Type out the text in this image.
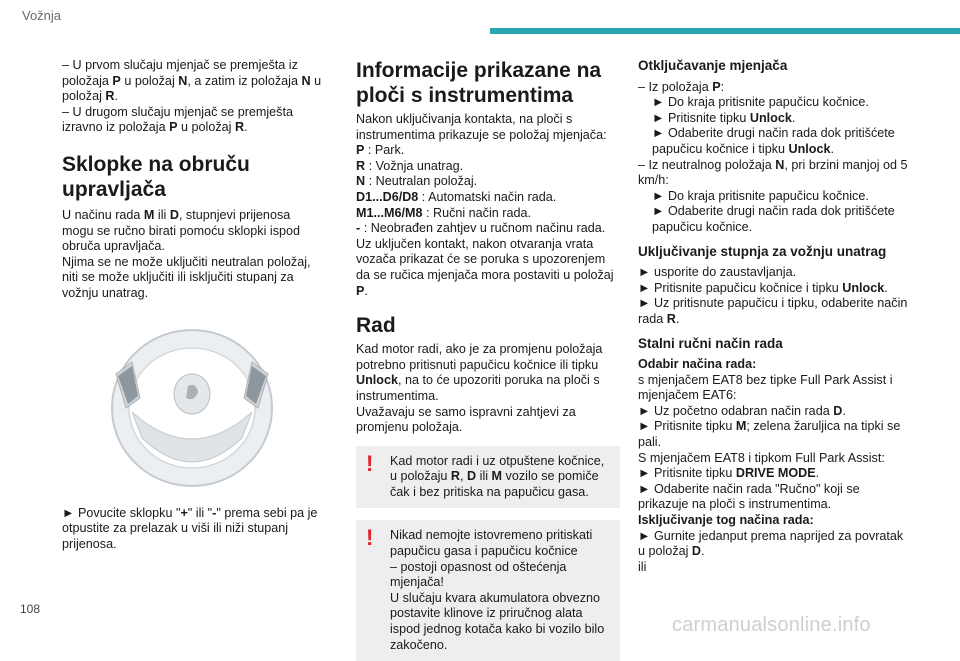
Vožnja

– U prvom slučaju mjenjač se premješta iz položaja P u položaj N, a zatim iz položaja N u položaj R.

– U drugom slučaju mjenjač se premješta izravno iz položaja P u položaj R.

Sklopke na obruču upravljača

U načinu rada M ili D, stupnjevi prijenosa mogu se ručno birati pomoću sklopki ispod obruča upravljača.

Njima se ne može uključiti neutralan položaj, niti se može uključiti ili isključiti stupanj za vožnju unatrag.

► Povucite sklopku "+" ili "-" prema sebi pa je otpustite za prelazak u viši ili niži stupanj prijenosa.

Informacije prikazane na ploči s instrumentima

Nakon uključivanja kontakta, na ploči s instrumentima prikazuje se položaj mjenjača:

P : Park.

R : Vožnja unatrag.

N : Neutralan položaj.

D1...D6/D8 : Automatski način rada.

M1...M6/M8 : Ručni način rada.

- : Neobrađen zahtjev u ručnom načinu rada.

Uz uključen kontakt, nakon otvaranja vrata vozača prikazat će se poruka s upozorenjem da se ručica mjenjača mora postaviti u položaj P.

Rad

Kad motor radi, ako je za promjenu položaja potrebno pritisnuti papučicu kočnice ili tipku Unlock, na to će upozoriti poruka na ploči s instrumentima.

Uvažavaju se samo ispravni zahtjevi za promjenu položaja.

! Kad motor radi i uz otpuštene kočnice, u položaju R, D ili M vozilo se pomiče čak i bez pritiska na papučicu gasa.

! Nikad nemojte istovremeno pritiskati papučicu gasa i papučicu kočnice

– postoji opasnost od oštećenja mjenjača!

U slučaju kvara akumulatora obvezno postavite klinove iz priručnog alata ispod jednog kotača kako bi vozilo bilo zakočeno.

Otključavanje mjenjača

– Iz položaja P:

► Do kraja pritisnite papučicu kočnice.

► Pritisnite tipku Unlock.

► Odaberite drugi način rada dok pritišćete papučicu kočnice i tipku Unlock.

– Iz neutralnog položaja N, pri brzini manjoj od 5 km/h:

► Do kraja pritisnite papučicu kočnice.

► Odaberite drugi način rada dok pritišćete papučicu kočnice.

Uključivanje stupnja za vožnju unatrag

► usporite do zaustavljanja.

► Pritisnite papučicu kočnice i tipku Unlock.

► Uz pritisnute papučicu i tipku, odaberite način rada R.

Stalni ručni način rada

Odabir načina rada:

s mjenjačem EAT8 bez tipke Full Park Assist i mjenjačem EAT6:

► Uz početno odabran način rada D.

► Pritisnite tipku M; zelena žaruljica na tipki se pali.

S mjenjačem EAT8 i tipkom Full Park Assist:

► Pritisnite tipku DRIVE MODE.

► Odaberite način rada "Ručno" koji se prikazuje na ploči s instrumentima.

Isključivanje tog načina rada:

► Gurnite jedanput prema naprijed za povratak u položaj D.

ili

108
carmanualsonline.info
